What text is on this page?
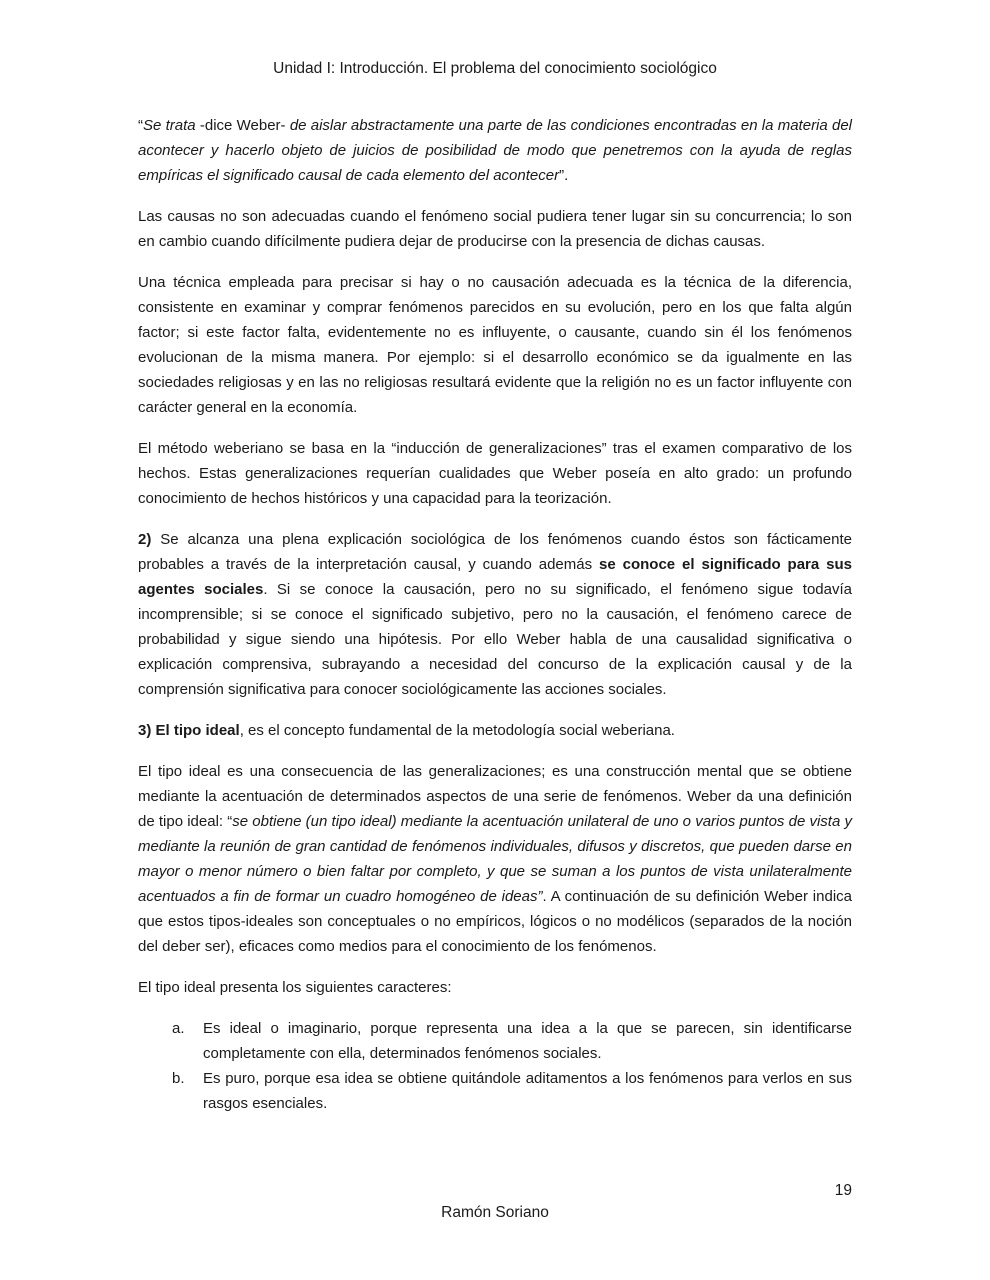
Unidad I: Introducción. El problema del conocimiento sociológico

“Se trata -dice Weber- de aislar abstractamente una parte de las condiciones encontradas en la materia del acontecer y hacerlo objeto de juicios de posibilidad de modo que penetremos con la ayuda de reglas empíricas el significado causal de cada elemento del acontecer”.

Las causas no son adecuadas cuando el fenómeno social pudiera tener lugar sin su concurrencia; lo son en cambio cuando difícilmente pudiera dejar de producirse con la presencia de dichas causas.

Una técnica empleada para precisar si hay o no causación adecuada es la técnica de la diferencia, consistente en examinar y comprar fenómenos parecidos en su evolución, pero en los que falta algún factor; si este factor falta, evidentemente no es influyente, o causante, cuando sin él los fenómenos evolucionan de la misma manera. Por ejemplo: si el desarrollo económico se da igualmente en las sociedades religiosas y en las no religiosas resultará evidente que la religión no es un factor influyente con carácter general en la economía.

El método weberiano se basa en la “inducción de generalizaciones” tras el examen comparativo de los hechos. Estas generalizaciones requerían cualidades que Weber poseía en alto grado: un profundo conocimiento de hechos históricos y una capacidad para la teorización.

2) Se alcanza una plena explicación sociológica de los fenómenos cuando éstos son fácticamente probables a través de la interpretación causal, y cuando además se conoce el significado para sus agentes sociales. Si se conoce la causación, pero no su significado, el fenómeno sigue todavía incomprensible; si se conoce el significado subjetivo, pero no la causación, el fenómeno carece de probabilidad y sigue siendo una hipótesis. Por ello Weber habla de una causalidad significativa o explicación comprensiva, subrayando a necesidad del concurso de la explicación causal y de la comprensión significativa para conocer sociológicamente las acciones sociales.

3) El tipo ideal, es el concepto fundamental de la metodología social weberiana.

El tipo ideal es una consecuencia de las generalizaciones; es una construcción mental que se obtiene mediante la acentuación de determinados aspectos de una serie de fenómenos. Weber da una definición de tipo ideal: “se obtiene (un tipo ideal) mediante la acentuación unilateral de uno o varios puntos de vista y mediante la reunión de gran cantidad de fenómenos individuales, difusos y discretos, que pueden darse en mayor o menor número o bien faltar por completo, y que se suman a los puntos de vista unilateralmente acentuados a fin de formar un cuadro homogéneo de ideas”. A continuación de su definición Weber indica que estos tipos-ideales son conceptuales o no empíricos, lógicos o no modélicos (separados de la noción del deber ser), eficaces como medios para el conocimiento de los fenómenos.

El tipo ideal presenta los siguientes caracteres:

a. Es ideal o imaginario, porque representa una idea a la que se parecen, sin identificarse completamente con ella, determinados fenómenos sociales.
b. Es puro, porque esa idea se obtiene quitándole aditamentos a los fenómenos para verlos en sus rasgos esenciales.
19
Ramón Soriano
